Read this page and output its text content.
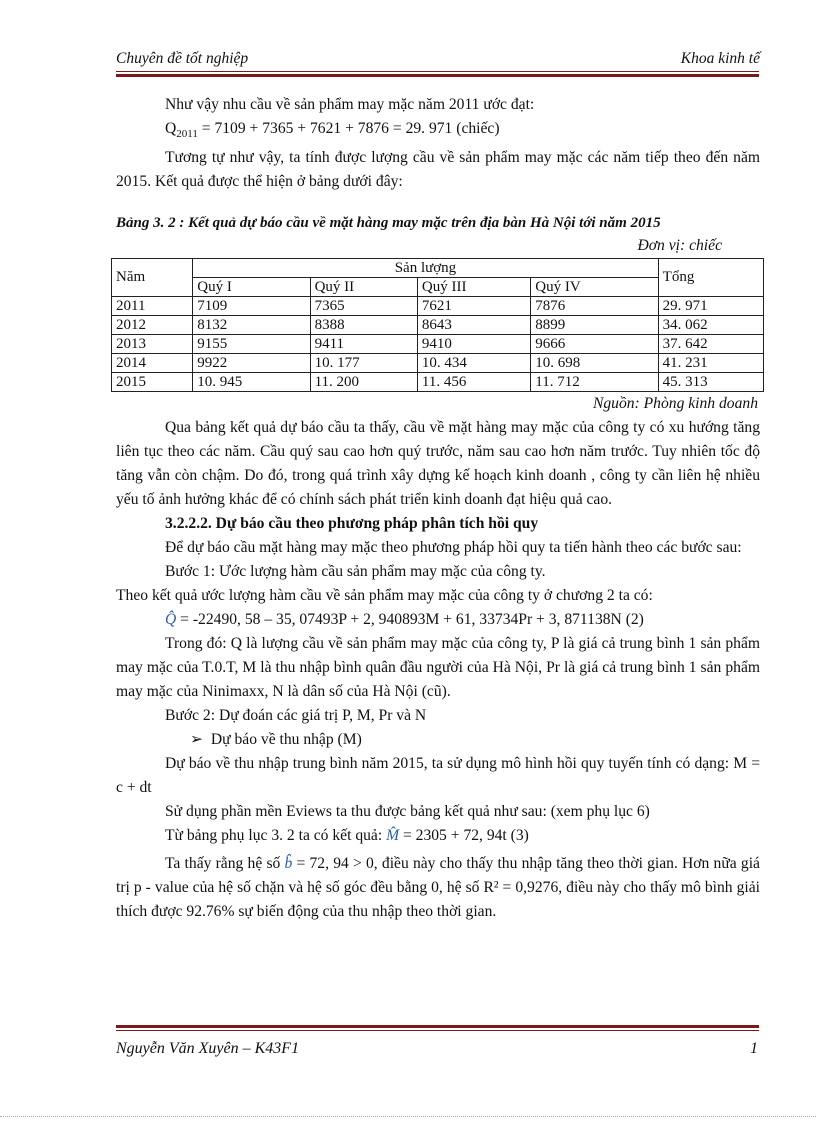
Chuyên đề tốt nghiệp	Khoa kinh tế

Như vậy nhu cầu về sản phẩm may mặc năm 2011 ước đạt:

$Q_{2011} = 7109 + 7365 + 7621 + 7876 = 29$. 971 (chiếc)

Tương tự như vậy, ta tính được lượng cầu về sản phẩm may mặc các năm tiếp theo đến năm 2015. Kết quả được thể hiện ở bảng dưới đây:

Bảng 3. 2 : Kết quả dự báo cầu về mặt hàng may mặc trên địa bàn Hà Nội tới năm 2015

Đơn vị: chiếc

Năm	Sản lượng				Tổng
	Quý I	Quý II	Quý III	Quý IV	
2011	7109	7365	7621	7876	29. 971
2012	8132	8388	8643	8899	34. 062
2013	9155	9411	9410	9666	37. 642
2014	9922	10. 177	10. 434	10. 698	41. 231
2015	10. 945	11. 200	11. 456	11. 712	45. 313

Nguồn: Phòng kinh doanh

Qua bảng kết quả dự báo cầu ta thấy, cầu về mặt hàng may mặc của công ty có xu hướng tăng liên tục theo các năm. Cầu quý sau cao hơn quý trước, năm sau cao hơn năm trước. Tuy nhiên tốc độ tăng vẫn còn chậm. Do đó, trong quá trình xây dựng kế hoạch kinh doanh , công ty cần liên hệ nhiều yếu tố ảnh hưởng khác để có chính sách phát triển kinh doanh đạt hiệu quả cao.

3.2.2.2. Dự báo cầu theo phương pháp phân tích hồi quy

Để dự báo cầu mặt hàng may mặc theo phương pháp hồi quy ta tiến hành theo các bước sau:

Bước 1: Ước lượng hàm cầu sản phẩm may mặc của công ty.

Theo kết quả ước lượng hàm cầu về sản phẩm may mặc của công ty ở chương 2 ta có:

Q̂ = -22490, 58 – 35, 07493P + 2, 940893M + 61, 33734Pr + 3, 871138N (2)

Trong đó: Q là lượng cầu về sản phẩm may mặc của công ty, P là giá cả trung bình 1 sản phẩm may mặc của T.0.T, M là thu nhập bình quân đầu người của Hà Nội, Pr là giá cả trung bình 1 sản phẩm may mặc của Ninimaxx, N là dân số của Hà Nội (cũ).

Bước 2: Dự đoán các giá trị P, M, Pr và N

➢ Dự báo về thu nhập (M)

Dự báo về thu nhập trung bình năm 2015, ta sử dụng mô hình hồi quy tuyến tính có dạng: M = c + dt

Sử dụng phần mền Eviews ta thu được bảng kết quả như sau: (xem phụ lục 6)

Từ bảng phụ lục 3. 2 ta có kết quả: M̂ = 2305 + 72, 94t (3)

Ta thấy rằng hệ số b̂ = 72, 94 > 0, điều này cho thấy thu nhập tăng theo thời gian. Hơn nữa giá trị p - value của hệ số chặn và hệ số góc đều bằng 0, hệ số R² = 0,9276, điều này cho thấy mô bình giải thích được 92.76% sự biến động của thu nhập theo thời gian.

Nguyễn Văn Xuyên – K43F1	1
